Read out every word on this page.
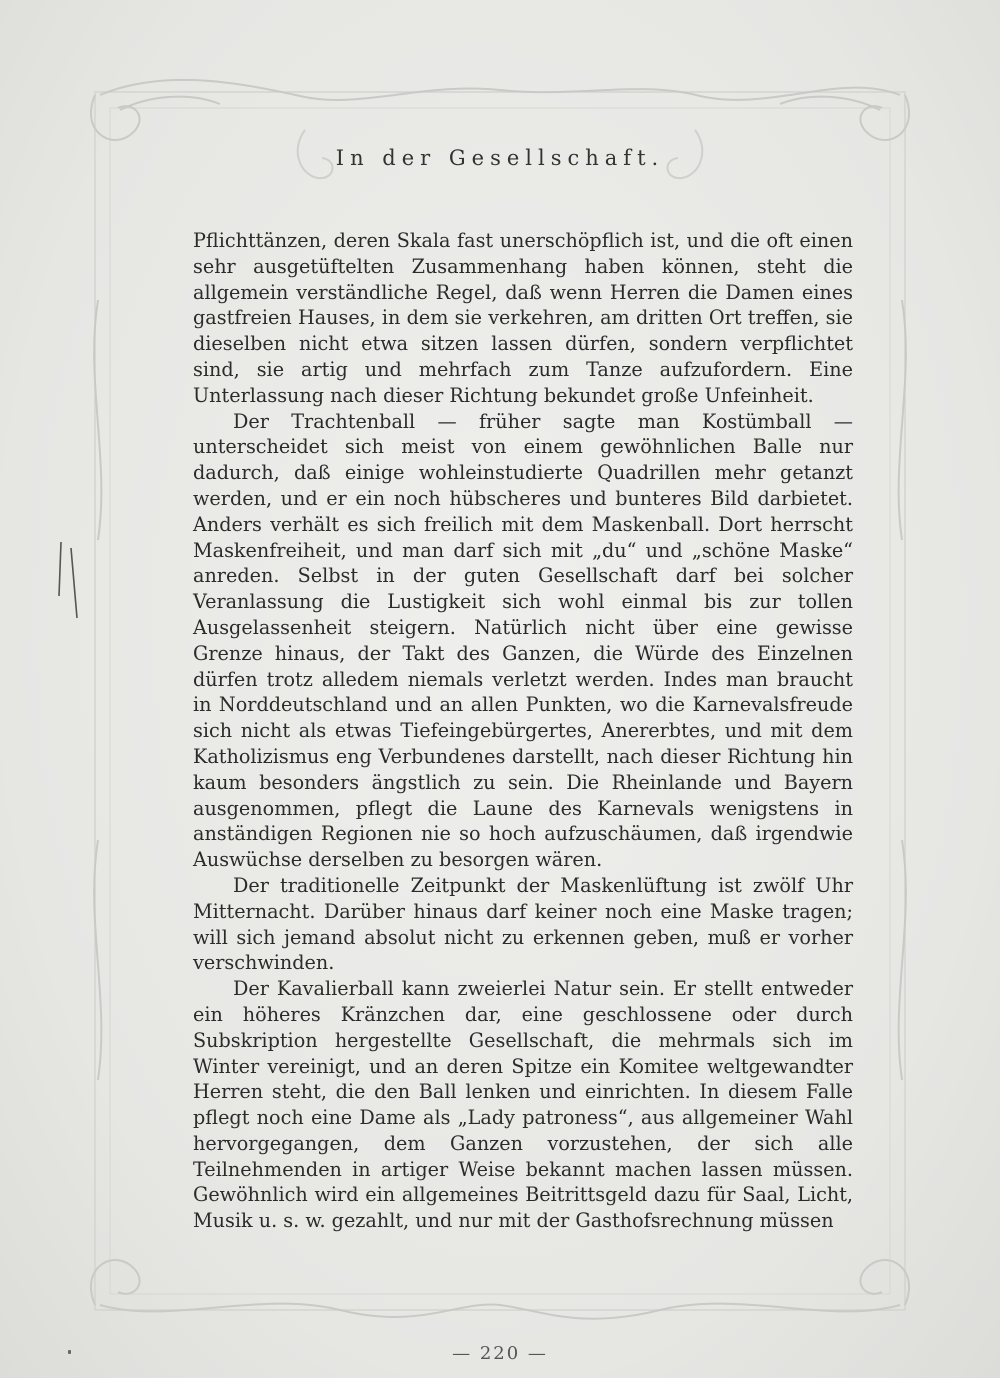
In der Gesellschaft.

Pflichttänzen, deren Skala fast unerschöpflich ist, und die oft einen sehr ausgetüftelten Zusammenhang haben können, steht die allgemein verständliche Regel, daß wenn Herren die Damen eines gastfreien Hauses, in dem sie verkehren, am dritten Ort treffen, sie dieselben nicht etwa sitzen lassen dürfen, sondern verpflichtet sind, sie artig und mehrfach zum Tanze aufzufordern. Eine Unterlassung nach dieser Richtung bekundet große Unfeinheit.

Der Trachtenball — früher sagte man Kostümball — unterscheidet sich meist von einem gewöhnlichen Balle nur dadurch, daß einige wohleinstudierte Quadrillen mehr getanzt werden, und er ein noch hübscheres und bunteres Bild darbietet. Anders verhält es sich freilich mit dem Maskenball. Dort herrscht Maskenfreiheit, und man darf sich mit „du“ und „schöne Maske“ anreden. Selbst in der guten Gesellschaft darf bei solcher Veranlassung die Lustigkeit sich wohl einmal bis zur tollen Ausgelassenheit steigern. Natürlich nicht über eine gewisse Grenze hinaus, der Takt des Ganzen, die Würde des Einzelnen dürfen trotz alledem niemals verletzt werden. Indes man braucht in Norddeutschland und an allen Punkten, wo die Karnevalsfreude sich nicht als etwas Tiefeingebürgertes, Anererbtes, und mit dem Katholizismus eng Verbundenes darstellt, nach dieser Richtung hin kaum besonders ängstlich zu sein. Die Rheinlande und Bayern ausgenommen, pflegt die Laune des Karnevals wenigstens in anständigen Regionen nie so hoch aufzuschäumen, daß irgendwie Auswüchse derselben zu besorgen wären.

Der traditionelle Zeitpunkt der Maskenlüftung ist zwölf Uhr Mitternacht. Darüber hinaus darf keiner noch eine Maske tragen; will sich jemand absolut nicht zu erkennen geben, muß er vorher verschwinden.

Der Kavalierball kann zweierlei Natur sein. Er stellt entweder ein höheres Kränzchen dar, eine geschlossene oder durch Subskription hergestellte Gesellschaft, die mehrmals sich im Winter vereinigt, und an deren Spitze ein Komitee weltgewandter Herren steht, die den Ball lenken und einrichten. In diesem Falle pflegt noch eine Dame als „Lady patroness“, aus allgemeiner Wahl hervorgegangen, dem Ganzen vorzustehen, der sich alle Teilnehmenden in artiger Weise bekannt machen lassen müssen. Gewöhnlich wird ein allgemeines Beitrittsgeld dazu für Saal, Licht, Musik u. s. w. gezahlt, und nur mit der Gasthofsrechnung müssen

— 220 —
